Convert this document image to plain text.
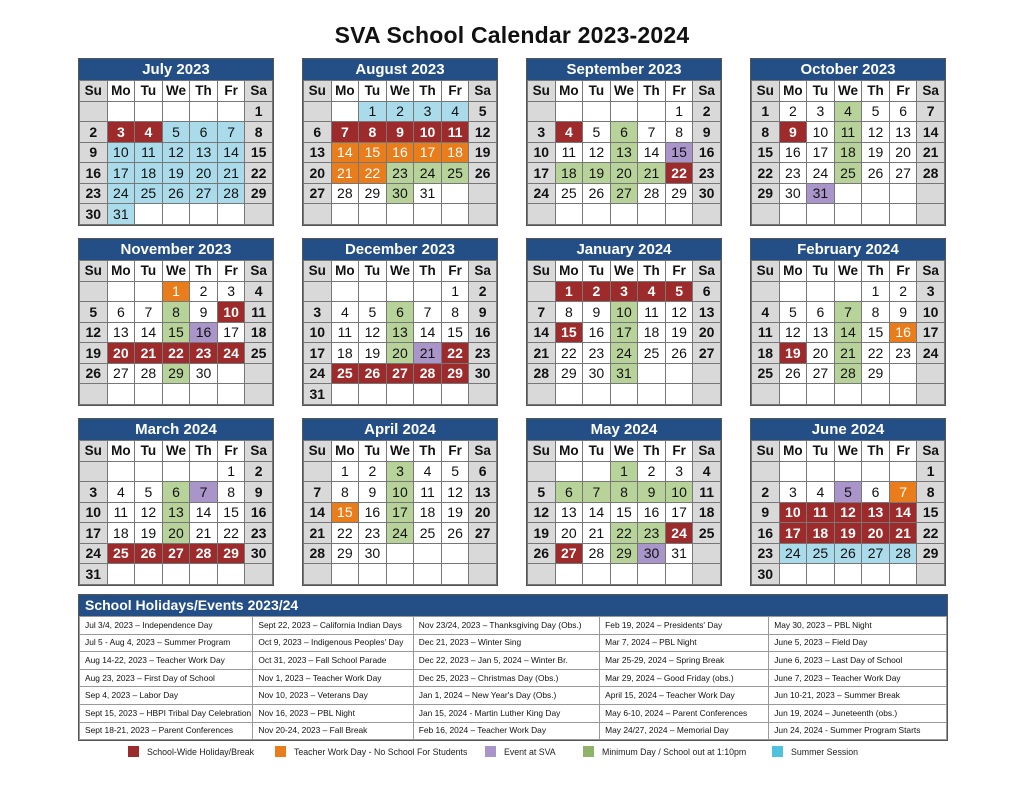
SVA School Calendar 2023-2024
July 2023
Su	Mo	Tu	We	Th	Fr	Sa
						1
2	3	4	5	6	7	8
9	10	11	12	13	14	15
16	17	18	19	20	21	22
23	24	25	26	27	28	29
30	31					
August 2023
Su	Mo	Tu	We	Th	Fr	Sa
		1	2	3	4	5
6	7	8	9	10	11	12
13	14	15	16	17	18	19
20	21	22	23	24	25	26
27	28	29	30	31		

September 2023
Su	Mo	Tu	We	Th	Fr	Sa
					1	2
3	4	5	6	7	8	9
10	11	12	13	14	15	16
17	18	19	20	21	22	23
24	25	26	27	28	29	30

October 2023
Su	Mo	Tu	We	Th	Fr	Sa
1	2	3	4	5	6	7
8	9	10	11	12	13	14
15	16	17	18	19	20	21
22	23	24	25	26	27	28
29	30	31				

November 2023
Su	Mo	Tu	We	Th	Fr	Sa
			1	2	3	4
5	6	7	8	9	10	11
12	13	14	15	16	17	18
19	20	21	22	23	24	25
26	27	28	29	30		

December 2023
Su	Mo	Tu	We	Th	Fr	Sa
					1	2
3	4	5	6	7	8	9
10	11	12	13	14	15	16
17	18	19	20	21	22	23
24	25	26	27	28	29	30
31						
January 2024
Su	Mo	Tu	We	Th	Fr	Sa
	1	2	3	4	5	6
7	8	9	10	11	12	13
14	15	16	17	18	19	20
21	22	23	24	25	26	27
28	29	30	31			

February 2024
Su	Mo	Tu	We	Th	Fr	Sa
				1	2	3
4	5	6	7	8	9	10
11	12	13	14	15	16	17
18	19	20	21	22	23	24
25	26	27	28	29		

March 2024
Su	Mo	Tu	We	Th	Fr	Sa
					1	2
3	4	5	6	7	8	9
10	11	12	13	14	15	16
17	18	19	20	21	22	23
24	25	26	27	28	29	30
31						
April 2024
Su	Mo	Tu	We	Th	Fr	Sa
	1	2	3	4	5	6
7	8	9	10	11	12	13
14	15	16	17	18	19	20
21	22	23	24	25	26	27
28	29	30				

May 2024
Su	Mo	Tu	We	Th	Fr	Sa
			1	2	3	4
5	6	7	8	9	10	11
12	13	14	15	16	17	18
19	20	21	22	23	24	25
26	27	28	29	30	31	

June 2024
Su	Mo	Tu	We	Th	Fr	Sa
						1
2	3	4	5	6	7	8
9	10	11	12	13	14	15
16	17	18	19	20	21	22
23	24	25	26	27	28	29
30						
School Holidays/Events 2023/24
Jul 3/4, 2023 – Independence Day	Sept 22, 2023 – California Indian Days	Nov 23/24, 2023 – Thanksgiving Day (Obs.)	Feb 19, 2024 – Presidents' Day	May 30, 2023 – PBL Night
Jul 5 - Aug 4, 2023 – Summer Program	Oct 9, 2023 – Indigenous Peoples' Day	Dec 21, 2023 – Winter Sing	Mar 7, 2024 – PBL Night	June 5, 2023 – Field Day
Aug 14-22, 2023 – Teacher Work Day	Oct 31, 2023 – Fall School Parade	Dec 22, 2023 – Jan 5, 2024 – Winter Br.	Mar 25-29, 2024 – Spring Break	June 6, 2023 – Last Day of School
Aug 23, 2023 – First Day of School	Nov 1, 2023 – Teacher Work Day	Dec 25, 2023 – Christmas Day (Obs.)	Mar 29, 2024 – Good Friday (obs.)	June 7, 2023 – Teacher Work Day
Sep 4, 2023 – Labor Day	Nov 10, 2023 – Veterans Day	Jan 1, 2024 – New Year's Day (Obs.)	April 15, 2024 – Teacher Work Day	Jun 10-21, 2023 – Summer Break
Sept 15, 2023 – HBPI Tribal Day Celebration	Nov 16, 2023 – PBL Night	Jan 15, 2024 - Martin Luther King Day	May 6-10, 2024 – Parent Conferences	Jun 19, 2024 – Juneteenth (obs.)
Sept 18-21, 2023 – Parent Conferences	Nov 20-24, 2023 – Fall Break	Feb 16, 2024 – Teacher Work Day	May 24/27, 2024 – Memorial Day	Jun 24, 2024 - Summer Program Starts
School-Wide Holiday/Break	Teacher Work Day - No School For Students	Event at SVA	Minimum Day / School out at 1:10pm	Summer Session
